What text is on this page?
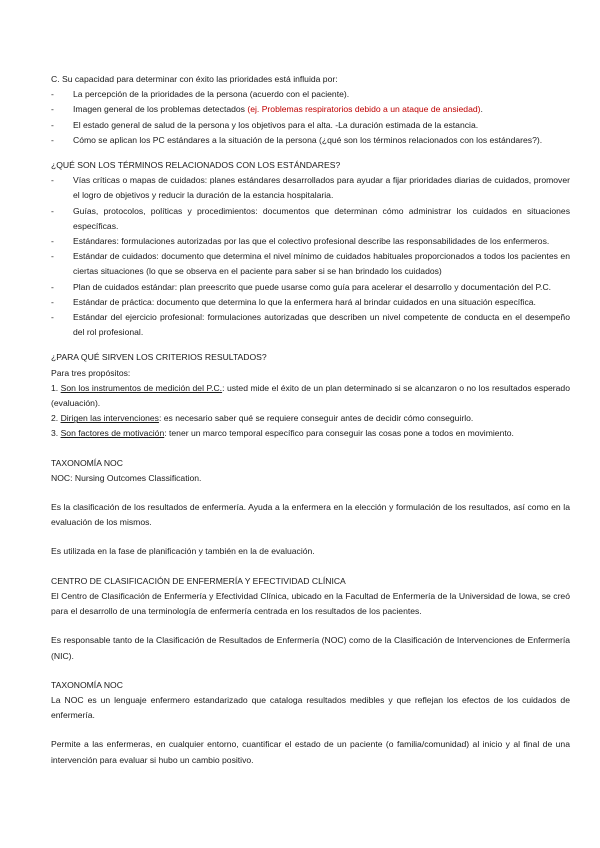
C. Su capacidad para determinar con éxito las prioridades está influida por:

- La percepción de la prioridades de la persona (acuerdo con el paciente).
- Imagen general de los problemas detectados (ej. Problemas respiratorios debido a un ataque de ansiedad).
- El estado general de salud de la persona y los objetivos para el alta. -La duración estimada de la estancia.
- Cómo se aplican los PC estándares a la situación de la persona (¿qué son los términos relacionados con los estándares?).

¿QUÉ SON LOS TÉRMINOS RELACIONADOS CON LOS ESTÁNDARES?

- Vías críticas o mapas de cuidados: planes estándares desarrollados para ayudar a fijar prioridades diarias de cuidados, promover el logro de objetivos y reducir la duración de la estancia hospitalaria.
- Guías, protocolos, políticas y procedimientos: documentos que determinan cómo administrar los cuidados en situaciones específicas.
- Estándares: formulaciones autorizadas por las que el colectivo profesional describe las responsabilidades de los enfermeros.
- Estándar de cuidados: documento que determina el nivel mínimo de cuidados habituales proporcionados a todos los pacientes en ciertas situaciones (lo que se observa en el paciente para saber si se han brindado los cuidados)
- Plan de cuidados estándar: plan preescrito que puede usarse como guía para acelerar el desarrollo y documentación del P.C.
- Estándar de práctica: documento que determina lo que la enfermera hará al brindar cuidados en una situación específica.
- Estándar del ejercicio profesional: formulaciones autorizadas que describen un nivel competente de conducta en el desempeño del rol profesional.

¿PARA QUÉ SIRVEN LOS CRITERIOS RESULTADOS?

Para tres propósitos:

1. Son los instrumentos de medición del P.C.: usted mide el éxito de un plan determinado si se alcanzaron o no los resultados esperado (evaluación).

2. Dirigen las intervenciones: es necesario saber qué se requiere conseguir antes de decidir cómo conseguirlo.

3. Son factores de motivación: tener un marco temporal específico para conseguir las cosas pone a todos en movimiento.

TAXONOMÍA NOC

NOC: Nursing Outcomes Classification.

Es la clasificación de los resultados de enfermería. Ayuda a la enfermera en la elección y formulación de los resultados, así como en la evaluación de los mismos.

Es utilizada en la fase de planificación y también en la de evaluación.

CENTRO DE CLASIFICACIÓN DE ENFERMERÍA Y EFECTIVIDAD CLÍNICA

El Centro de Clasificación de Enfermería y Efectividad Clínica, ubicado en la Facultad de Enfermería de la Universidad de Iowa, se creó para el desarrollo de una terminología de enfermería centrada en los resultados de los pacientes.

Es responsable tanto de la Clasificación de Resultados de Enfermería (NOC) como de la Clasificación de Intervenciones de Enfermería (NIC).

TAXONOMÍA NOC

La NOC es un lenguaje enfermero estandarizado que cataloga resultados medibles y que reflejan los efectos de los cuidados de enfermería.

Permite a las enfermeras, en cualquier entorno, cuantificar el estado de un paciente (o familia/comunidad) al inicio y al final de una intervención para evaluar si hubo un cambio positivo.
